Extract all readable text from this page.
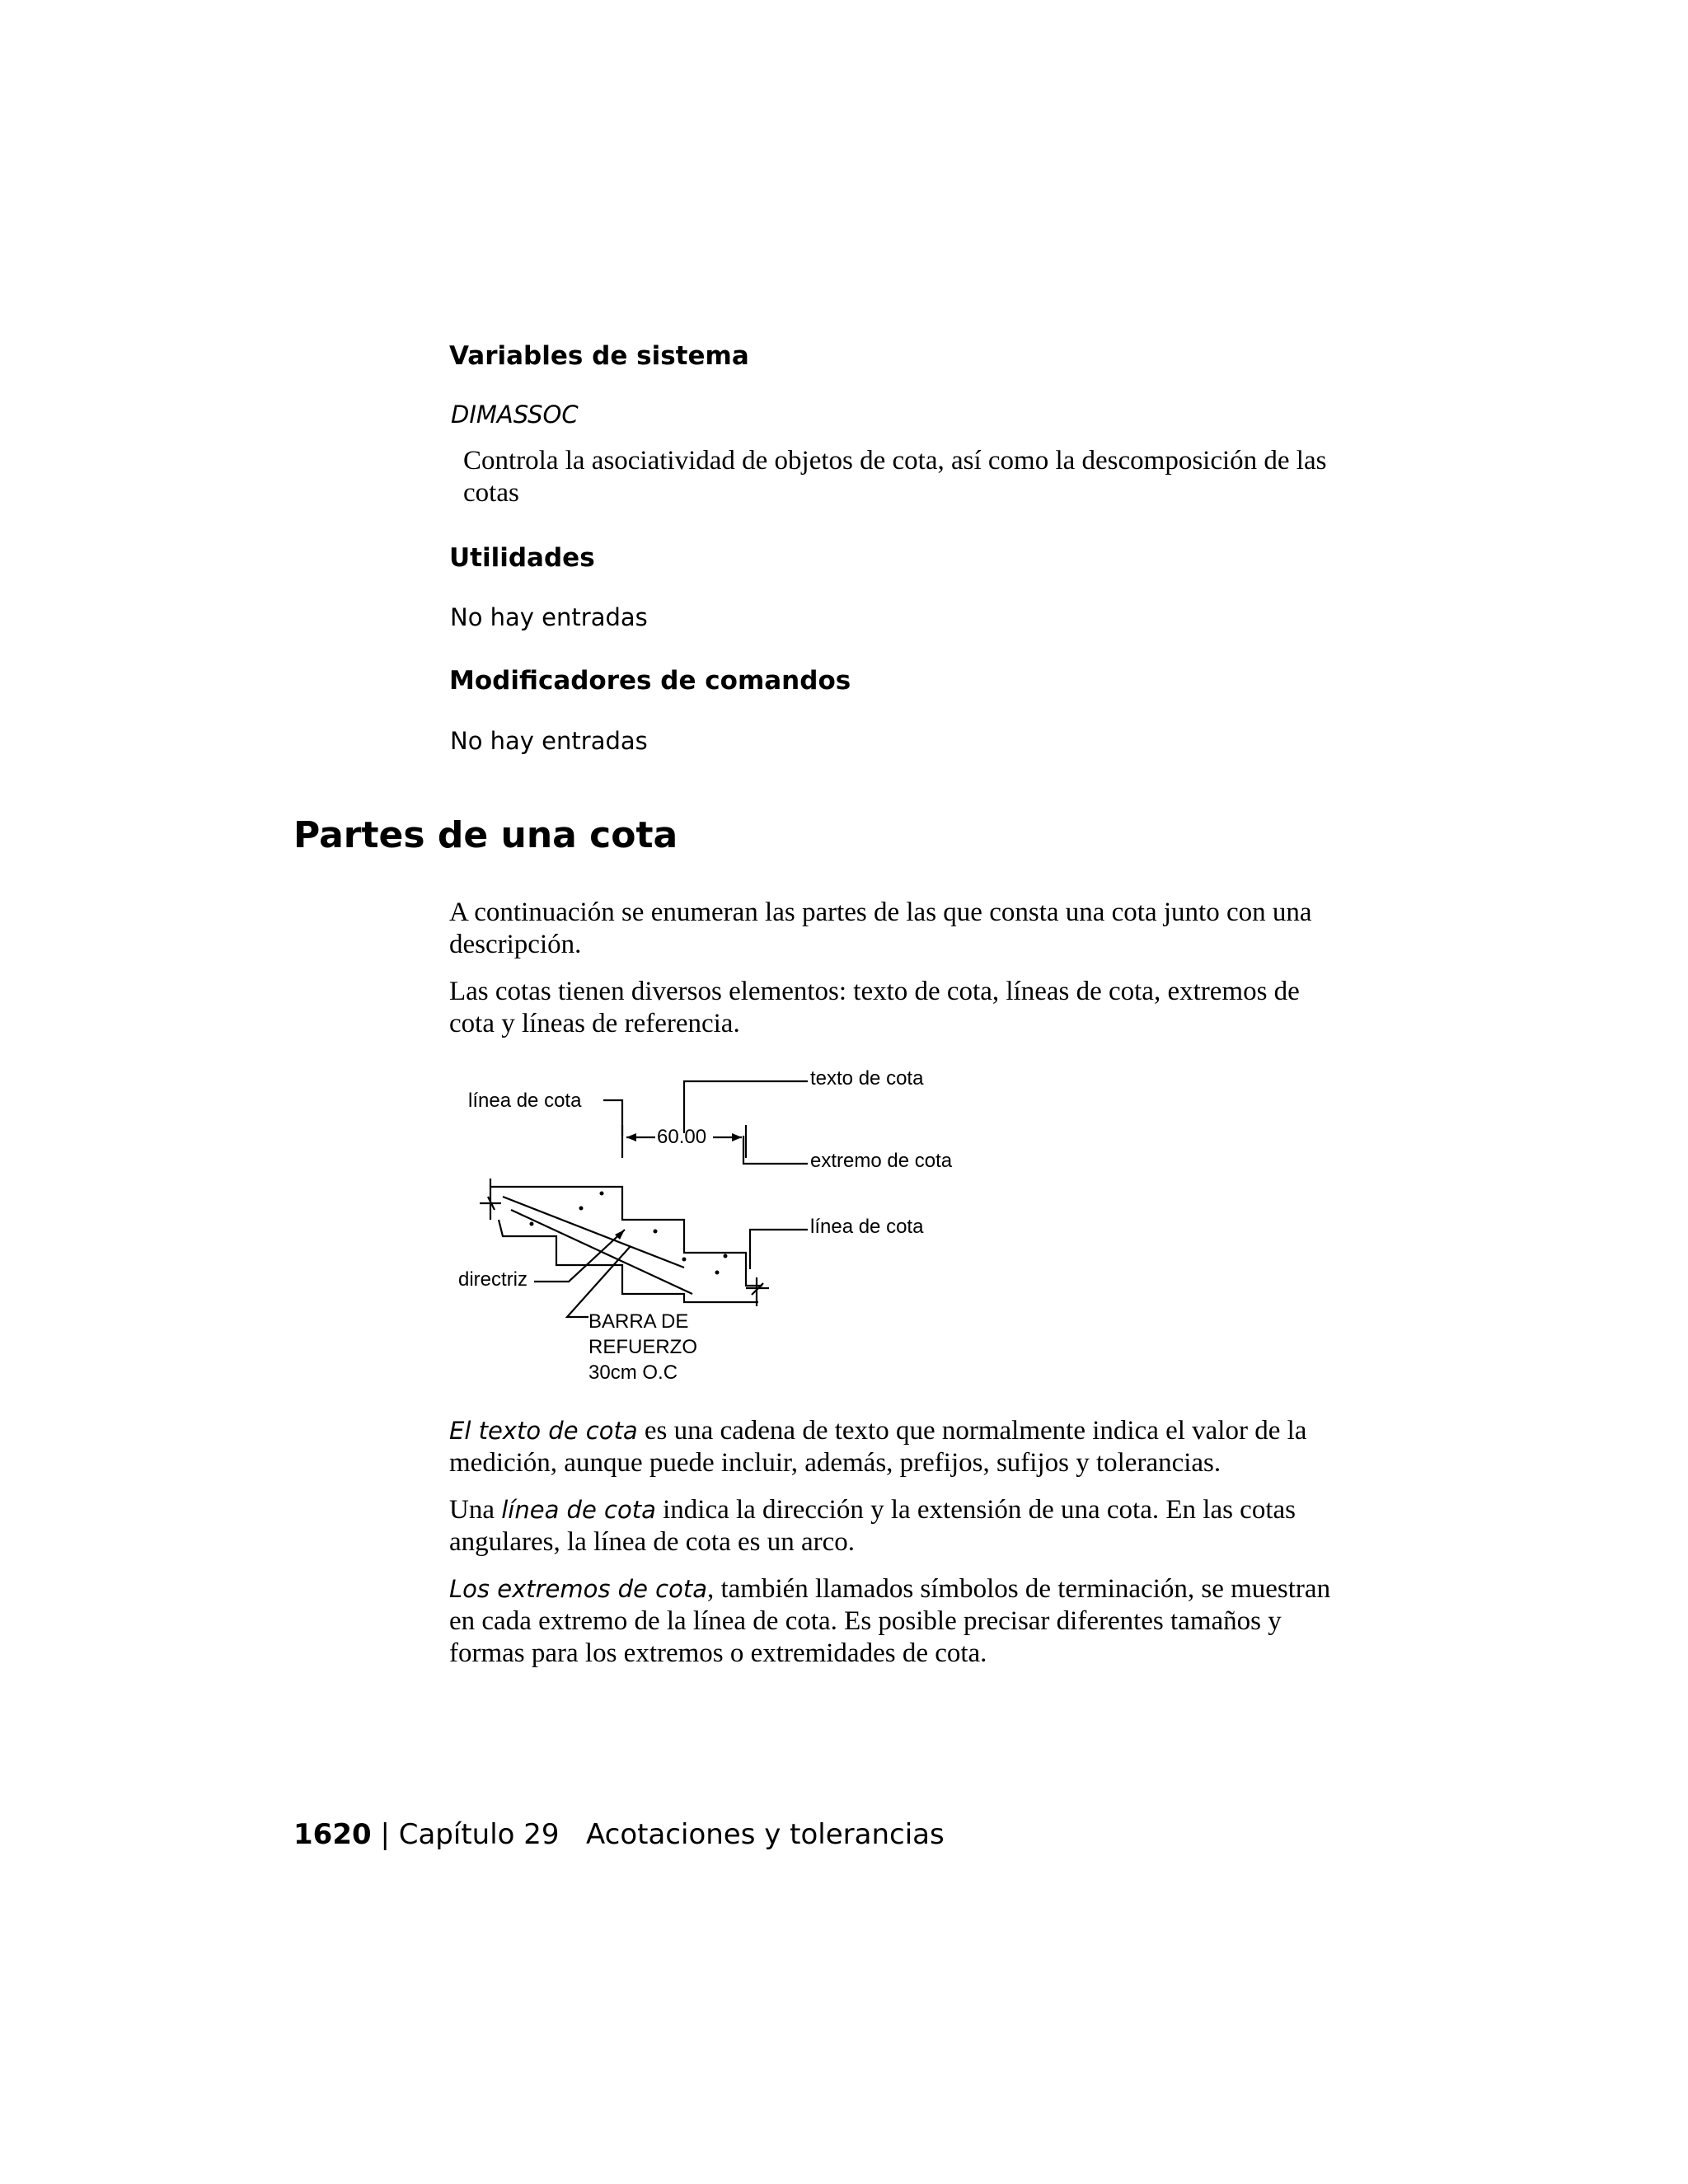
Variables de sistema
DIMASSOC
Controla la asociatividad de objetos de cota, así como la descomposición de las cotas
Utilidades
No hay entradas
Modificadores de comandos
No hay entradas
Partes de una cota
A continuación se enumeran las partes de las que consta una cota junto con una descripción.
Las cotas tienen diversos elementos: texto de cota, líneas de cota, extremos de cota y líneas de referencia.
línea de cota
texto de cota
60.00
extremo de cota
línea de cota
directriz
BARRA DE
REFUERZO
30cm O.C
El texto de cota es una cadena de texto que normalmente indica el valor de la medición, aunque puede incluir, además, prefijos, sufijos y tolerancias.
Una línea de cota indica la dirección y la extensión de una cota. En las cotas angulares, la línea de cota es un arco.
Los extremos de cota, también llamados símbolos de terminación, se muestran en cada extremo de la línea de cota. Es posible precisar diferentes tamaños y formas para los extremos o extremidades de cota.
1620 | Capítulo 29 Acotaciones y tolerancias
